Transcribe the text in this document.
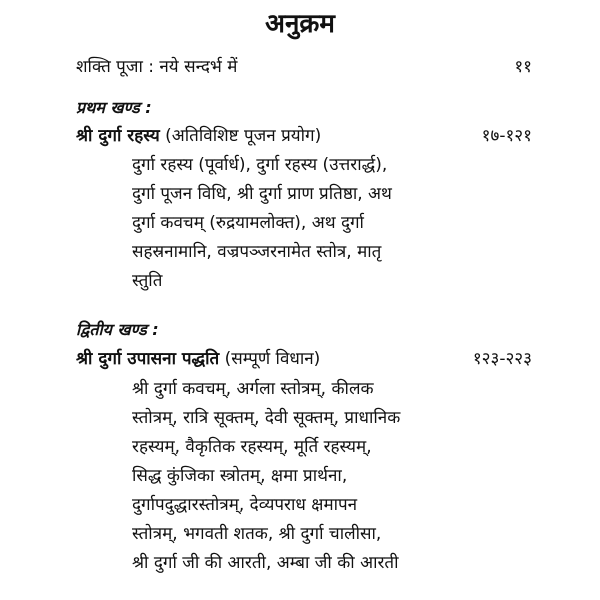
अनुक्रम
शक्ति पूजा : नये सन्दर्भ में	११
प्रथम खण्ड :
श्री दुर्गा रहस्य (अतिविशिष्ट पूजन प्रयोग)	१७-१२१
दुर्गा रहस्य (पूर्वार्ध), दुर्गा रहस्य (उत्तरार्द्ध),
दुर्गा पूजन विधि, श्री दुर्गा प्राण प्रतिष्ठा, अथ
दुर्गा कवचम् (रुद्रयामलोक्त), अथ दुर्गा
सहस्रनामानि, वज्रपञ्जरनामेत स्तोत्र, मातृ
स्तुति
द्वितीय खण्ड :
श्री दुर्गा उपासना पद्धति (सम्पूर्ण विधान)	१२३-२२३
श्री दुर्गा कवचम्, अर्गला स्तोत्रम्, कीलक
स्तोत्रम्, रात्रि सूक्तम्, देवी सूक्तम्, प्राधानिक
रहस्यम्, वैकृतिक रहस्यम्, मूर्ति रहस्यम्,
सिद्ध कुंजिका स्त्रोतम्, क्षमा प्रार्थना,
दुर्गापदुद्धारस्तोत्रम्, देव्यपराध क्षमापन
स्तोत्रम्, भगवती शतक, श्री दुर्गा चालीसा,
श्री दुर्गा जी की आरती, अम्बा जी की आरती
